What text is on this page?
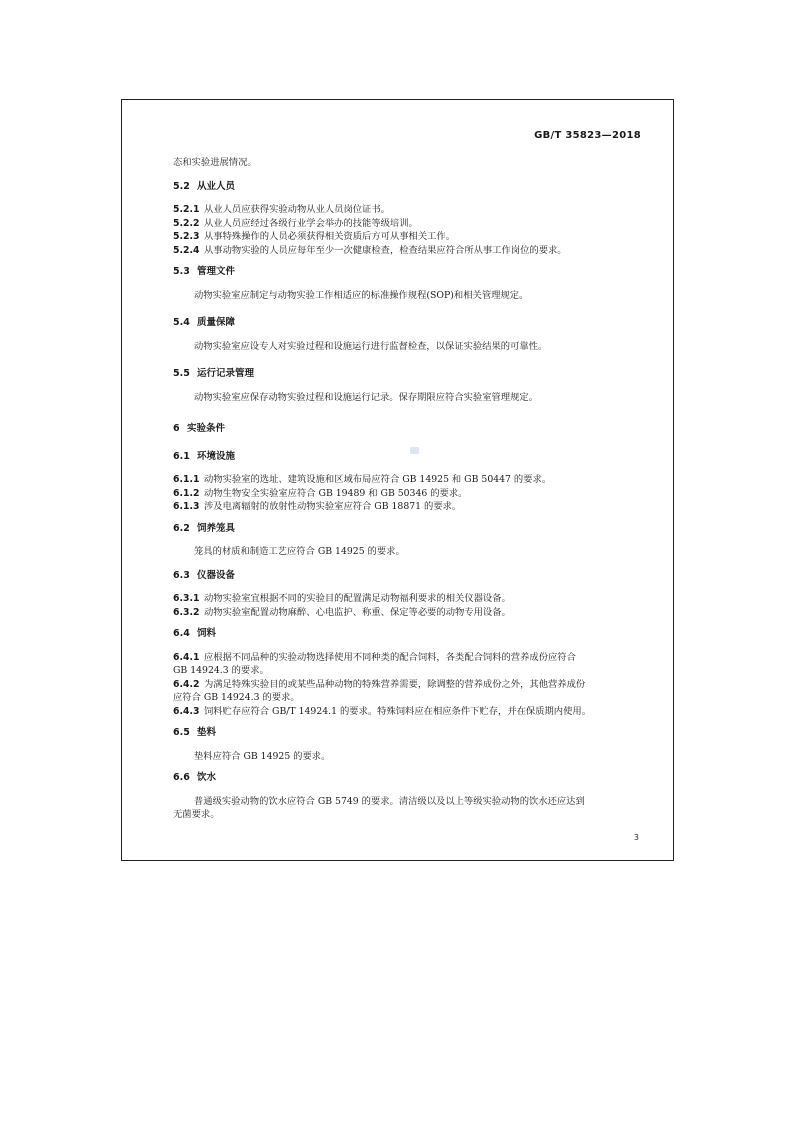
GB/T 35823—2018
态和实验进展情况。
5.2 从业人员
5.2.1 从业人员应获得实验动物从业人员岗位证书。
5.2.2 从业人员应经过各级行业学会举办的技能等级培训。
5.2.3 从事特殊操作的人员必须获得相关资质后方可从事相关工作。
5.2.4 从事动物实验的人员应每年至少一次健康检查，检查结果应符合所从事工作岗位的要求。
5.3 管理文件
动物实验室应制定与动物实验工作相适应的标准操作规程(SOP)和相关管理规定。
5.4 质量保障
动物实验室应设专人对实验过程和设施运行进行监督检查，以保证实验结果的可靠性。
5.5 运行记录管理
动物实验室应保存动物实验过程和设施运行记录。保存期限应符合实验室管理规定。
6 实验条件
6.1 环境设施
6.1.1 动物实验室的选址、建筑设施和区域布局应符合 GB 14925 和 GB 50447 的要求。
6.1.2 动物生物安全实验室应符合 GB 19489 和 GB 50346 的要求。
6.1.3 涉及电离辐射的放射性动物实验室应符合 GB 18871 的要求。
6.2 饲养笼具
笼具的材质和制造工艺应符合 GB 14925 的要求。
6.3 仪器设备
6.3.1 动物实验室宜根据不同的实验目的配置满足动物福利要求的相关仪器设备。
6.3.2 动物实验室配置动物麻醉、心电监护、称重、保定等必要的动物专用设备。
6.4 饲料
6.4.1 应根据不同品种的实验动物选择使用不同种类的配合饲料，各类配合饲料的营养成份应符合
GB 14924.3 的要求。
6.4.2 为满足特殊实验目的或某些品种动物的特殊营养需要，除调整的营养成份之外，其他营养成份
应符合 GB 14924.3 的要求。
6.4.3 饲料贮存应符合 GB/T 14924.1 的要求。特殊饲料应在相应条件下贮存，并在保质期内使用。
6.5 垫料
垫料应符合 GB 14925 的要求。
6.6 饮水
普通级实验动物的饮水应符合 GB 5749 的要求。清洁级以及以上等级实验动物的饮水还应达到
无菌要求。
3
